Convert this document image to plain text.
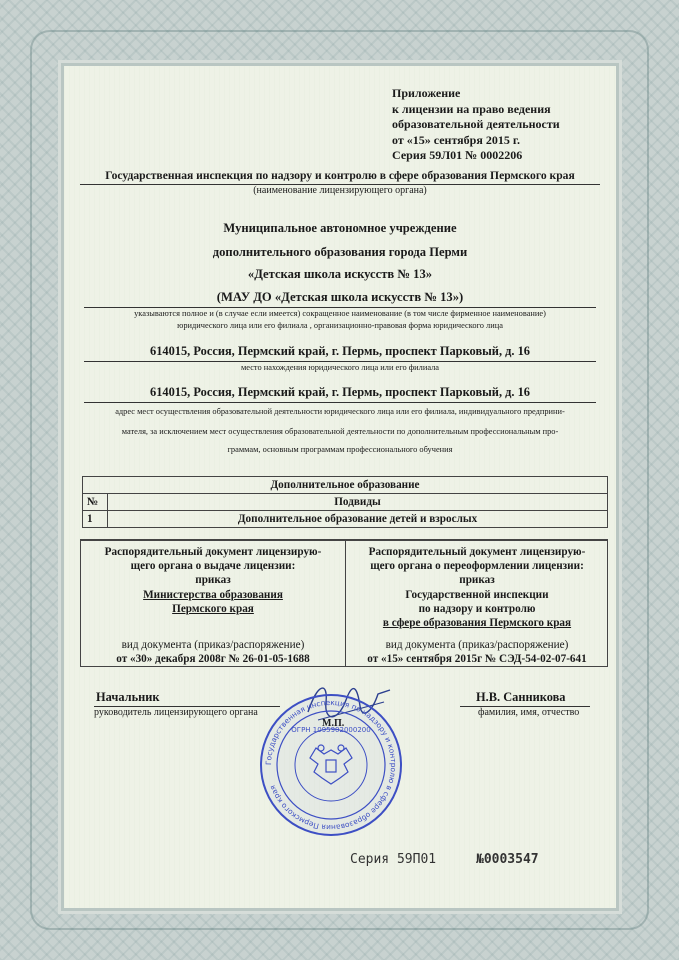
Приложение
к лицензии на право ведения
образовательной деятельности
от «15» сентября 2015 г.
Серия 59Л01 № 0002206
Государственная инспекция по надзору и контролю в сфере образования Пермского края
(наименование лицензирующего органа)
Муниципальное автономное учреждение
дополнительного образования города Перми
«Детская школа искусств № 13»
(МАУ ДО «Детская школа искусств № 13»)
указываются полное и (в случае если имеется) сокращенное наименование (в том числе фирменное наименование)
юридического лица или его филиала , организационно-правовая форма юридического лица
614015, Россия, Пермский край, г. Пермь, проспект Парковый, д. 16
место нахождения юридического лица или его филиала
614015, Россия, Пермский край, г. Пермь, проспект Парковый, д. 16
адрес мест осуществления образовательной деятельности юридического лица или его филиала, индивидуального предприни-
мателя, за исключением мест осуществления образовательной деятельности по дополнительным профессиональным про-
граммам, основным программам профессионального обучения
Дополнительное образование	
№	Подвиды
1	Дополнительное образование детей и взрослых
Распорядительный документ лицензирую-
щего органа о выдаче лицензии:
приказ
Министерства образования
Пермского края
вид документа (приказ/распоряжение)
от «30» декабря 2008г № 26-01-05-1688
Распорядительный документ лицензирую-
щего органа о переоформлении лицензии:
приказ
Государственной инспекции
по надзору и контролю
в сфере образования Пермского края
вид документа (приказ/распоряжение)
от «15» сентября 2015г № СЭД-54-02-07-641
Начальник
руководитель лицензирующего органа
Н.В. Санникова
фамилия, имя, отчество
Государственная инспекция по надзору и контролю в сфере образования Пермского края
ОГРН 1095902000200
Серия 59П01	№0003547
